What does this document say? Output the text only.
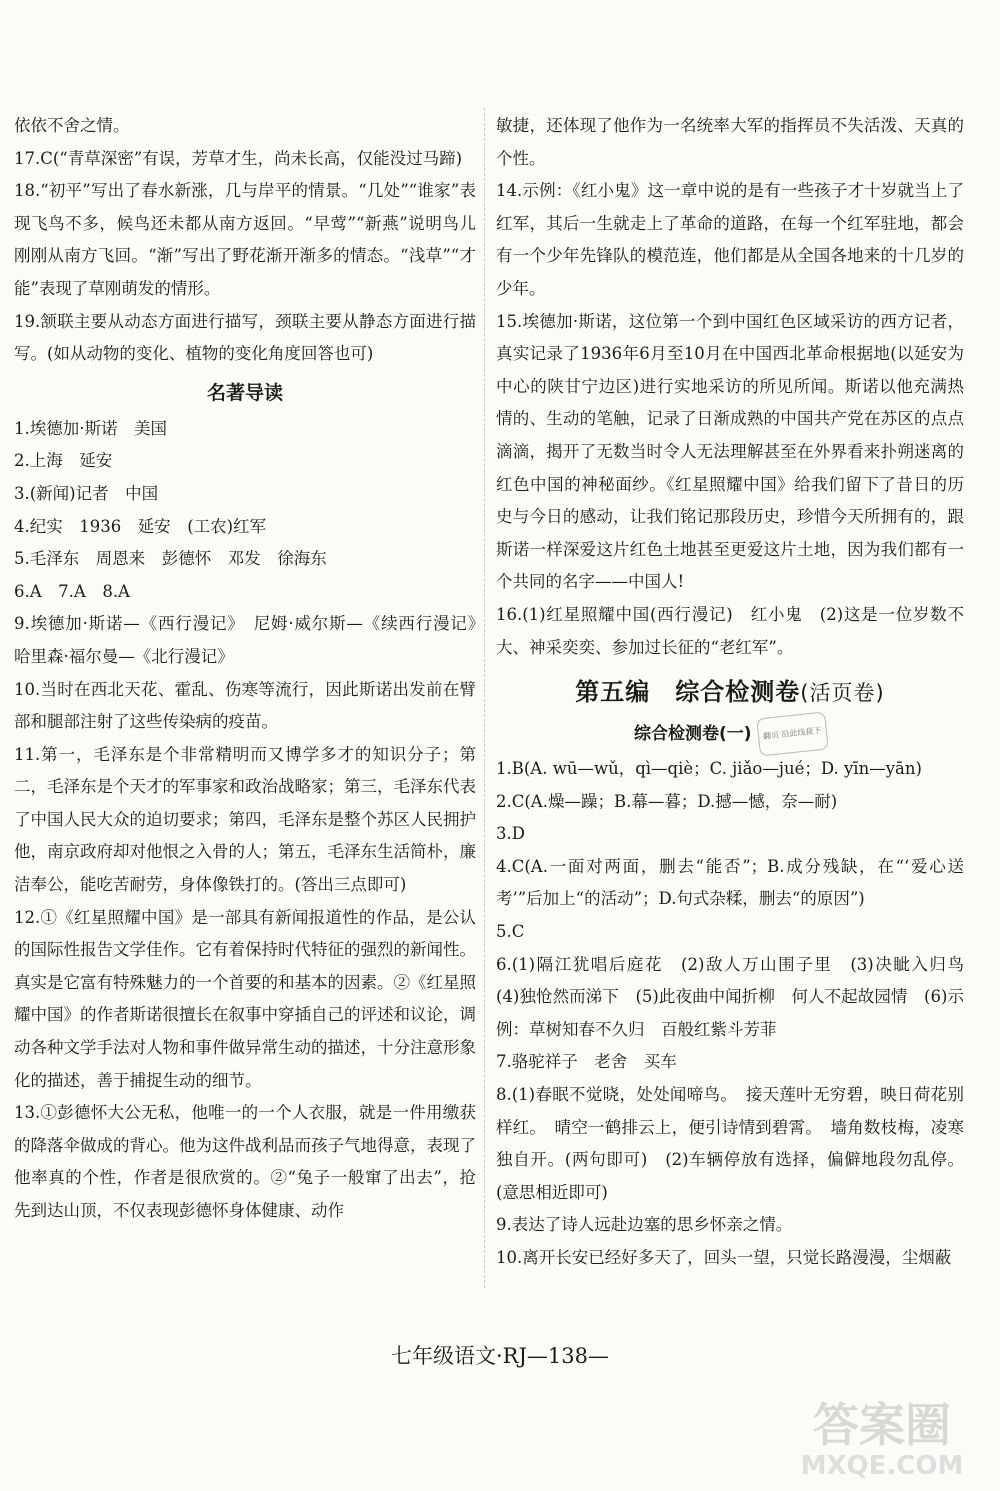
依依不舍之情。

17.C(“青草深密”有误，芳草才生，尚未长高，仅能没过马蹄)

18.“初平”写出了春水新涨，几与岸平的情景。“几处”“谁家”表现飞鸟不多，候鸟还未都从南方返回。“早莺”“新燕”说明鸟儿刚刚从南方飞回。“渐”写出了野花渐开渐多的情态。“浅草”“才能”表现了草刚萌发的情形。

19.颔联主要从动态方面进行描写，颈联主要从静态方面进行描写。(如从动物的变化、植物的变化角度回答也可)

名著导读

1.埃德加·斯诺　美国

2.上海　延安

3.(新闻)记者　中国

4.纪实　1936　延安　(工农)红军

5.毛泽东　周恩来　彭德怀　邓发　徐海东

6.A　7.A　8.A

9.埃德加·斯诺—《西行漫记》　尼姆·威尔斯—《续西行漫记》　哈里森·福尔曼—《北行漫记》

10.当时在西北天花、霍乱、伤寒等流行，因此斯诺出发前在臂部和腿部注射了这些传染病的疫苗。

11.第一，毛泽东是个非常精明而又博学多才的知识分子；第二，毛泽东是个天才的军事家和政治战略家；第三，毛泽东代表了中国人民大众的迫切要求；第四，毛泽东是整个苏区人民拥护他，南京政府却对他恨之入骨的人；第五，毛泽东生活简朴，廉洁奉公，能吃苦耐劳，身体像铁打的。(答出三点即可)

12.①《红星照耀中国》是一部具有新闻报道性的作品，是公认的国际性报告文学佳作。它有着保持时代特征的强烈的新闻性。真实是它富有特殊魅力的一个首要的和基本的因素。②《红星照耀中国》的作者斯诺很擅长在叙事中穿插自己的评述和议论，调动各种文学手法对人物和事件做异常生动的描述，十分注意形象化的描述，善于捕捉生动的细节。

13.①彭德怀大公无私，他唯一的一个人衣服，就是一件用缴获的降落伞做成的背心。他为这件战利品而孩子气地得意，表现了他率真的个性，作者是很欣赏的。②“兔子一般窜了出去”，抢先到达山顶，不仅表现彭德怀身体健康、动作

敏捷，还体现了他作为一名统率大军的指挥员不失活泼、天真的个性。

14.示例：《红小鬼》这一章中说的是有一些孩子才十岁就当上了红军，其后一生就走上了革命的道路，在每一个红军驻地，都会有一个少年先锋队的模范连，他们都是从全国各地来的十几岁的少年。

15.埃德加·斯诺，这位第一个到中国红色区域采访的西方记者，真实记录了1936年6月至10月在中国西北革命根据地(以延安为中心的陕甘宁边区)进行实地采访的所见所闻。斯诺以他充满热情的、生动的笔触，记录了日渐成熟的中国共产党在苏区的点点滴滴，揭开了无数当时令人无法理解甚至在外界看来扑朔迷离的红色中国的神秘面纱。《红星照耀中国》给我们留下了昔日的历史与今日的感动，让我们铭记那段历史，珍惜今天所拥有的，跟斯诺一样深爱这片红色土地甚至更爱这片土地，因为我们都有一个共同的名字——中国人!

16.(1)红星照耀中国(西行漫记)　红小鬼　(2)这是一位岁数不大、神采奕奕、参加过长征的“老红军”。

第五编　综合检测卷(活页卷)
综合检测卷(一) 翻页 沿此线裁下

1.B(A. wū—wǔ，qì—qiè；C. jiǎo—jué；D. yīn—yān)

2.C(A.燥—躁；B.幕—暮；D.撼—憾，奈—耐)

3.D

4.C(A.一面对两面，删去“能否”；B.成分残缺，在“‘爱心送考’”后加上“的活动”；D.句式杂糅，删去“的原因”)

5.C

6.(1)隔江犹唱后庭花　(2)敌人万山围子里　(3)决眦入归鸟　(4)独怆然而涕下　(5)此夜曲中闻折柳　何人不起故园情　(6)示例：草树知春不久归　百般红紫斗芳菲

7.骆驼祥子　老舍　买车

8.(1)春眠不觉晓，处处闻啼鸟。　接天莲叶无穷碧，映日荷花别样红。　晴空一鹤排云上，便引诗情到碧霄。　墙角数枝梅，凌寒独自开。(两句即可)　(2)车辆停放有选择，偏僻地段勿乱停。(意思相近即可)

9.表达了诗人远赴边塞的思乡怀亲之情。

10.离开长安已经好多天了，回头一望，只觉长路漫漫，尘烟蔽

七年级语文·RJ—138—
答案圈
MXQE.COM
